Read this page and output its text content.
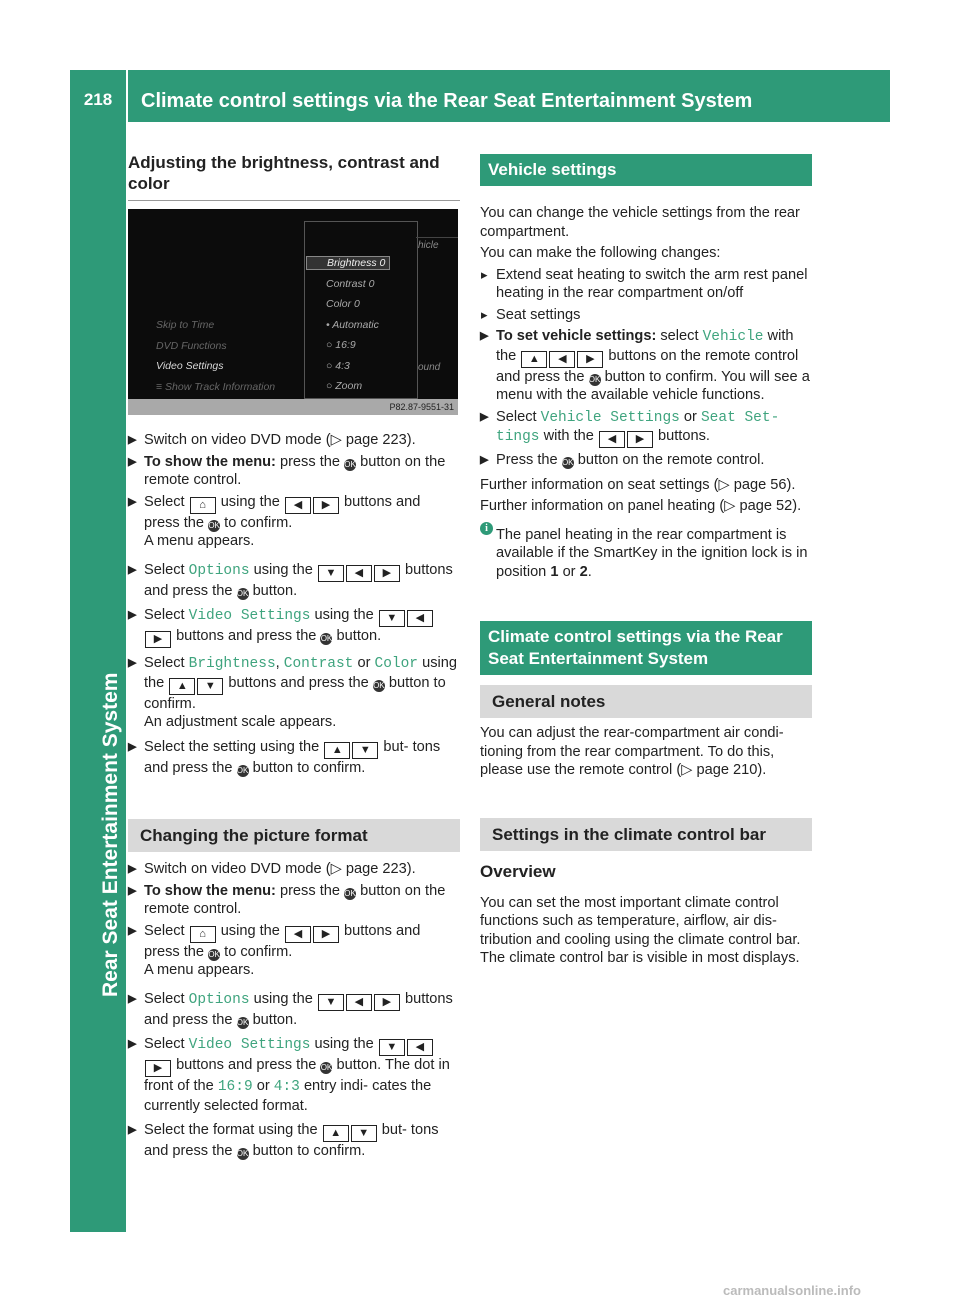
218	Climate control settings via the Rear Seat Entertainment System
Rear Seat Entertainment System
Adjusting the brightness, contrast and color
hicle
ound
Skip to Time
DVD Functions
Video Settings
≡ Show Track Information
Brightness 0
Contrast 0
Color 0
• Automatic
○ 16:9
○ 4:3
○ Zoom
P82.87-9551-31
▶ Switch on video DVD mode (▷ page 223).
▶ To show the menu: press the OK button on the remote control.
▶ Select ⌂ using the ◀ ▶ buttons and press the OK to confirm.
A menu appears.
▶ Select Options using the ▼ ◀ ▶ buttons and press the OK button.
▶ Select Video Settings using the ▼ ◀▶ buttons and press the OK button.
▶ Select Brightness, Contrast or Color using the ▲ ▼ buttons and press the OK button to confirm.
An adjustment scale appears.
▶ Select the setting using the ▲ ▼ but- tons and press the OK button to confirm.
Changing the picture format
▶ Switch on video DVD mode (▷ page 223).
▶ To show the menu: press the OK button on the remote control.
▶ Select ⌂ using the ◀ ▶ buttons and press the OK to confirm.
A menu appears.
▶ Select Options using the ▼ ◀ ▶ buttons and press the OK button.
▶ Select Video Settings using the ▼ ◀▶ buttons and press the OK button. The dot in front of the 16:9 or 4:3 entry indi- cates the currently selected format.
▶ Select the format using the ▲ ▼ but- tons and press the OK button to confirm.
Vehicle settings
You can change the vehicle settings from the rear compartment.
You can make the following changes:
▸ Extend seat heating to switch the arm rest panel heating in the rear compartment on/off
▸ Seat settings
▶ To set vehicle settings: select Vehicle with the ▲ ◀ ▶ buttons on the remote control and press the OK button to confirm. You will see a menu with the available vehicle functions.
▶ Select Vehicle Settings or Seat Set‐ tings with the ◀ ▶ buttons.
▶ Press the OK button on the remote control.
Further information on seat settings (▷ page 56).
Further information on panel heating (▷ page 52).
i The panel heating in the rear compartment is available if the SmartKey in the ignition lock is in position 1 or 2.
Climate control settings via the Rear Seat Entertainment System
General notes
You can adjust the rear-compartment air condi- tioning from the rear compartment. To do this, please use the remote control (▷ page 210).
Settings in the climate control bar
Overview
You can set the most important climate control functions such as temperature, airflow, air dis- tribution and cooling using the climate control bar. The climate control bar is visible in most displays.
carmanualsonline.info
